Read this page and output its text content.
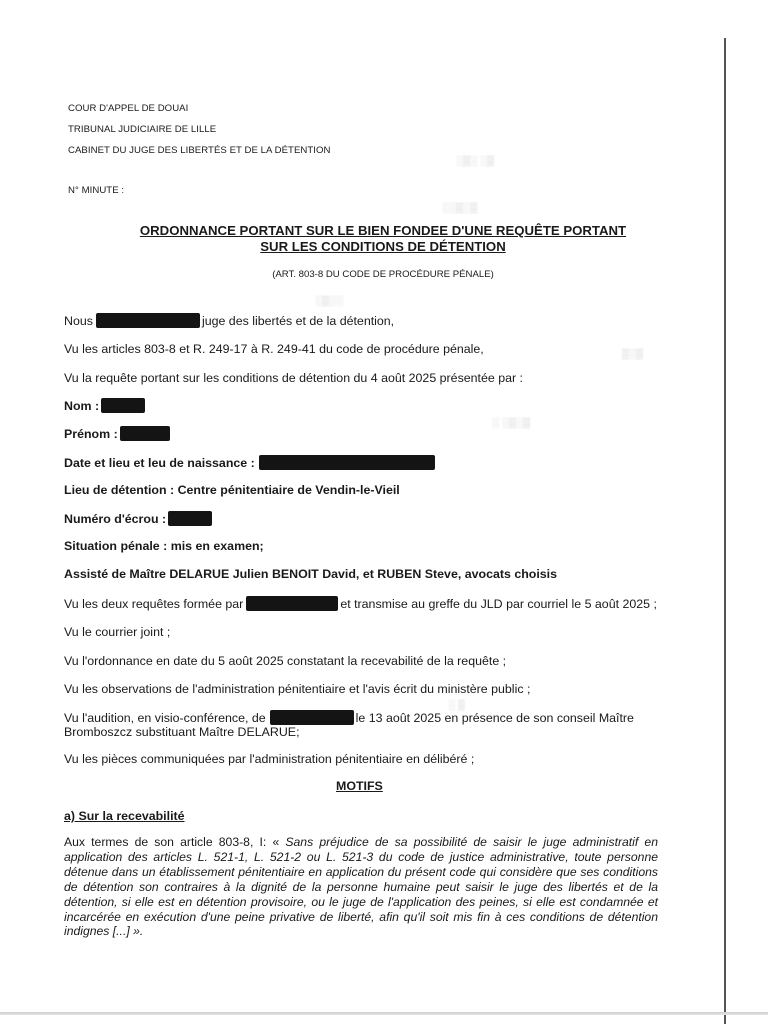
░▒░ ░▒
░░▒░▒
░▒░░
▒░▒
░ ░▒░▒
░ ▒
COUR D'APPEL DE DOUAI
TRIBUNAL JUDICIAIRE DE LILLE
CABINET DU JUGE DES LIBERTÉS ET DE LA DÉTENTION
N° MINUTE :
ORDONNANCE PORTANT SUR LE BIEN FONDEE D'UNE REQUÊTE PORTANT
SUR LES CONDITIONS DE DÉTENTION
(ART. 803-8 DU CODE DE PROCÉDURE PÉNALE)
Nous	juge des libertés et de la détention,
Vu les articles 803-8 et R. 249-17 à R. 249-41 du code de procédure pénale,
Vu la requête portant sur les conditions de détention du 4 août 2025 présentée par :
Nom :
Prénom :
Date et lieu et leu de naissance :
Lieu de détention : Centre pénitentiaire de Vendin-le-Vieil
Numéro d'écrou :
Situation pénale : mis en examen;
Assisté de Maître DELARUE Julien BENOIT David, et RUBEN Steve, avocats choisis
Vu les deux requêtes formée par	et transmise au greffe du JLD par courriel le 5 août 2025 ;
Vu le courrier joint ;
Vu l'ordonnance en date du 5 août 2025 constatant la recevabilité de la requête ;
Vu les observations de l'administration pénitentiaire et l'avis écrit du ministère public ;
Vu l'audition, en visio-conférence, de	le 13 août 2025 en présence de son conseil Maître
Bromboszcz substituant Maître DELARUE;
Vu les pièces communiquées par l'administration pénitentiaire en délibéré ;
MOTIFS
a) Sur la recevabilité
Aux termes de son article 803-8, I: « Sans préjudice de sa possibilité de saisir le juge administratif en application des articles L. 521-1, L. 521-2 ou L. 521-3 du code de justice administrative, toute personne détenue dans un établissement pénitentiaire en application du présent code qui considère que ses conditions de détention son contraires à la dignité de la personne humaine peut saisir le juge des libertés et de la détention, si elle est en détention provisoire, ou le juge de l'application des peines, si elle est condamnée et incarcérée en exécution d'une peine privative de liberté, afin qu'il soit mis fin à ces conditions de détention indignes [...] ».
